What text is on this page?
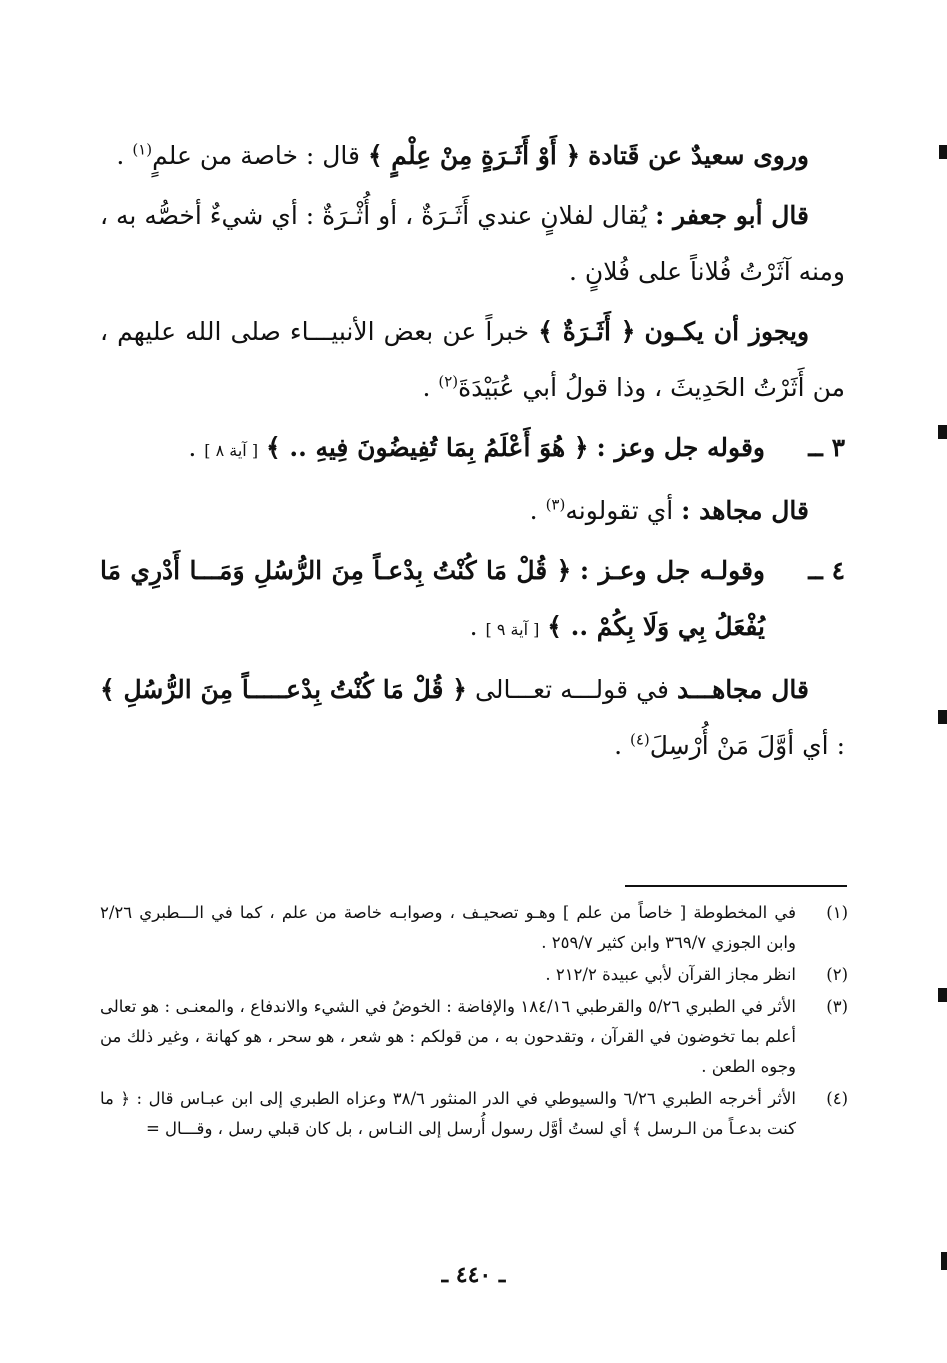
وروى سعيدٌ عن قَتادة ﴿ أَوْ أَثَـرَةٍ مِنْ عِلْمٍ ﴾ قال : خاصة من علمٍ$^{(١)}$ .

قال أبو جعفر : يُقال لفلانٍ عندي أَثَـرَةٌ ، أو أُثْـرَةٌ : أي شيءٌ أخصُّه به ، ومنه آثَرْتُ فُلاناً على فُلانٍ .

ويجوز أن يكـون ﴿ أَثَـرَةٌ ﴾ خبراً عن بعض الأنبيـــاء صلى الله عليهم ، من أَثَرْتُ الحَدِيثَ ، وذا قولُ أبي عُبَيْدَةَ$^{(٢)}$ .

٣ ــ
وقوله جل وعز : ﴿ هُوَ أَعْلَمُ بِمَا تُفِيضُونَ فِيهِ .. ﴾ [ آية ٨ ] .

قال مجاهد : أي تقولونه$^{(٣)}$ .

٤ ــ
وقولـه جل وعـز : ﴿ قُلْ مَا كُنْتُ بِدْعـاً مِنَ الرُّسُلِ وَمَـــا أَدْرِي مَا يُفْعَلُ بِي وَلَا بِكُمْ .. ﴾ [ آية ٩ ] .

قال مجاهـــد في قولـــه تعـــالى ﴿ قُلْ مَا كُنْتُ بِدْعـــــاً مِنَ الرُّسُلِ ﴾ : أي أوَّلَ مَنْ أُرْسِلَ$^{(٤)}$ .

(١)
في المخطوطة [ خاصاً من علم ] وهـو تصحيـف ، وصوابـه خاصة من علم ، كما في الـــطبري ٢/٢٦ وابن الجوزي ٣٦٩/٧ وابن كثير ٢٥٩/٧ .
(٢)
انظر مجاز القرآن لأبي عبيدة ٢١٢/٢ .
(٣)
الأثر في الطبري ٥/٢٦ والقرطبي ١٨٤/١٦ والإفاضة : الخوضُ في الشيء والاندفاع ، والمعنـى : هو تعالى أعلم بما تخوضون في القرآن ، وتقدحون به ، من قولكم : هو شعر ، هو سحر ، هو كهانة ، وغير ذلك من وجوه الطعن .
(٤)
الأثر أخرجه الطبري ٦/٢٦ والسيوطي في الدر المنثور ٣٨/٦ وعزاه الطبري إلى ابن عبـاس قال : ﴿ ما كنت بدعـاً من الـرسل ﴾ أي لستُ أوَّل رسول أُرسل إلى النـاس ، بل كان قبلي رسل ، وقـــال =
ـ ٤٤٠ ـ
